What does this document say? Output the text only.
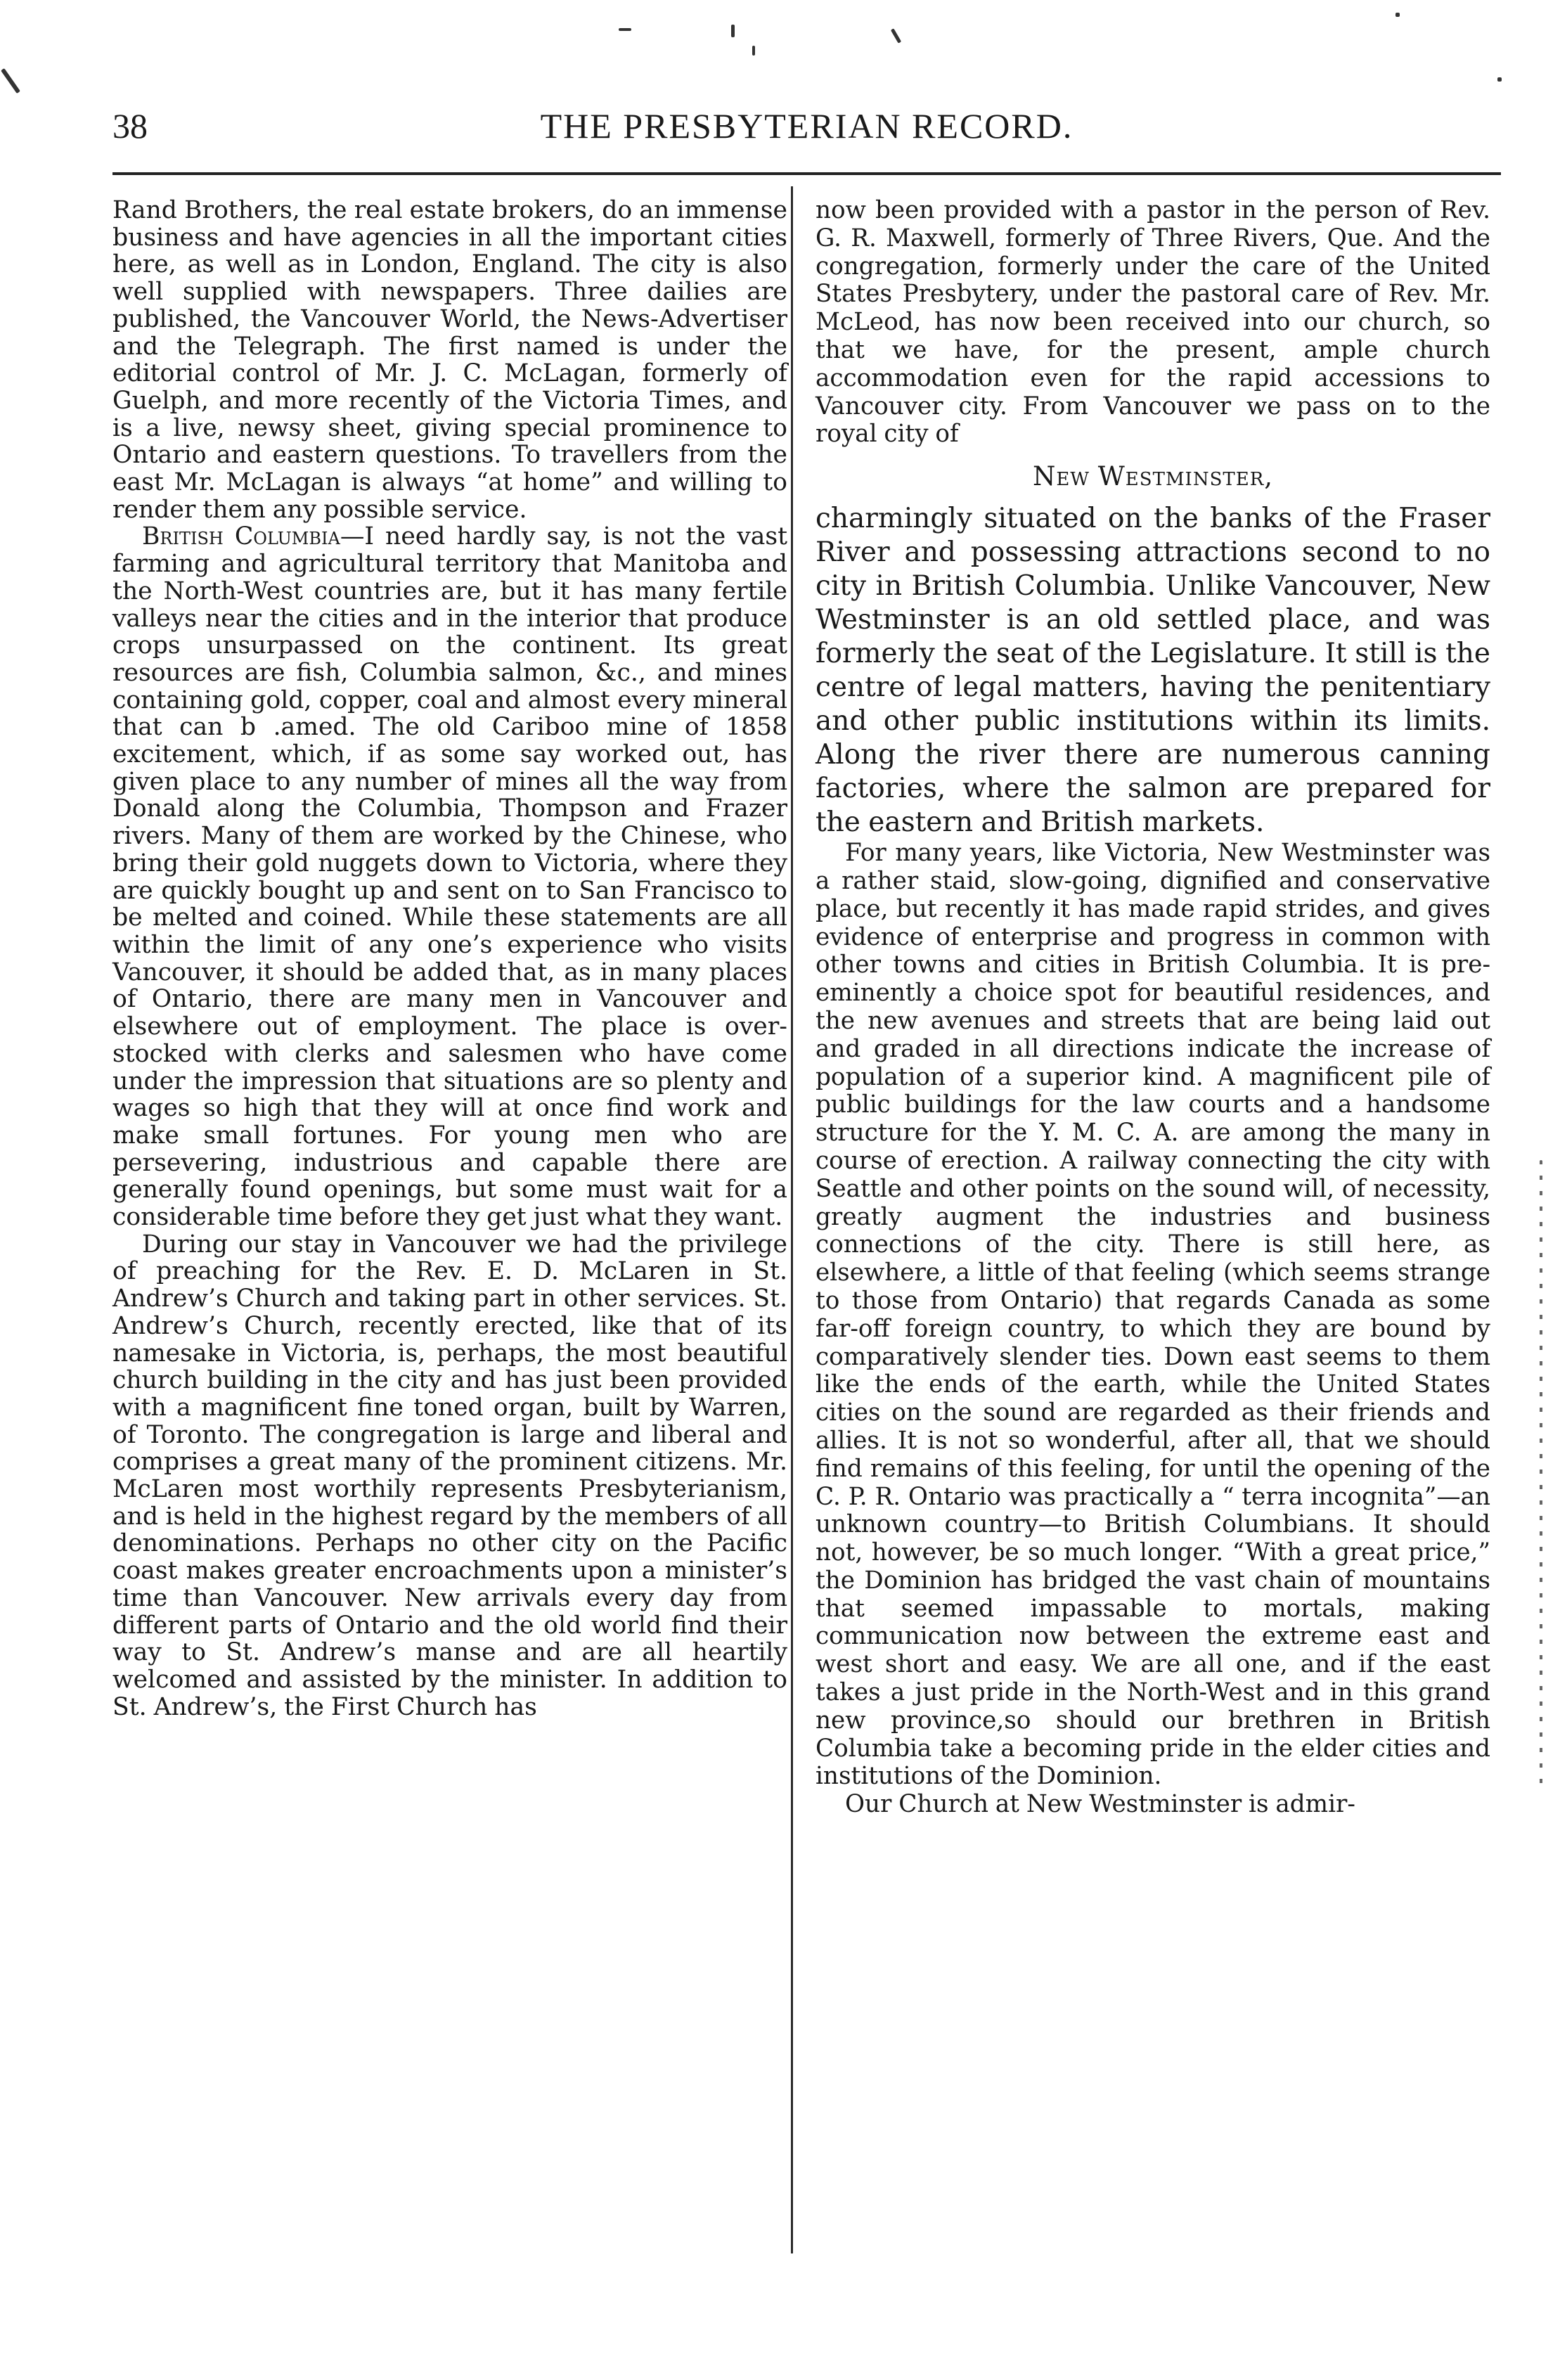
38	THE PRESBYTERIAN RECORD.

Rand Brothers, the real estate brokers, do an immense business and have agencies in all the important cities here, as well as in London, England. The city is also well supplied with newspapers. Three dailies are published, the Vancouver World, the News-Advertiser and the Telegraph. The first named is under the editorial control of Mr. J. C. McLagan, formerly of Guelph, and more recently of the Victoria Times, and is a live, newsy sheet, giving special prominence to Ontario and eastern questions. To travellers from the east Mr. McLagan is always “at home” and willing to render them any possible service.

British Columbia—I need hardly say, is not the vast farming and agricultural territory that Manitoba and the North-West countries are, but it has many fertile valleys near the cities and in the interior that produce crops unsurpassed on the continent. Its great resources are fish, Columbia salmon, &c., and mines containing gold, copper, coal and almost every mineral that can b .amed. The old Cariboo mine of 1858 excitement, which, if as some say worked out, has given place to any number of mines all the way from Donald along the Columbia, Thompson and Frazer rivers. Many of them are worked by the Chinese, who bring their gold nuggets down to Victoria, where they are quickly bought up and sent on to San Francisco to be melted and coined. While these statements are all within the limit of any one’s experience who visits Vancouver, it should be added that, as in many places of Ontario, there are many men in Vancouver and elsewhere out of employment. The place is over-stocked with clerks and salesmen who have come under the impression that situations are so plenty and wages so high that they will at once find work and make small fortunes. For young men who are persevering, industrious and capable there are generally found openings, but some must wait for a considerable time before they get just what they want.

During our stay in Vancouver we had the privilege of preaching for the Rev. E. D. McLaren in St. Andrew’s Church and taking part in other services. St. Andrew’s Church, recently erected, like that of its namesake in Victoria, is, perhaps, the most beautiful church building in the city and has just been provided with a magnificent fine toned organ, built by Warren, of Toronto. The congregation is large and liberal and comprises a great many of the prominent citizens. Mr. McLaren most worthily represents Presbyterianism, and is held in the highest regard by the members of all denominations. Perhaps no other city on the Pacific coast makes greater encroachments upon a minister’s time than Vancouver. New arrivals every day from different parts of Ontario and the old world find their way to St. Andrew’s manse and are all heartily welcomed and assisted by the minister. In addition to St. Andrew’s, the First Church has

now been provided with a pastor in the person of Rev. G. R. Maxwell, formerly of Three Rivers, Que. And the congregation, formerly under the care of the United States Presbytery, under the pastoral care of Rev. Mr. McLeod, has now been received into our church, so that we have, for the present, ample church accommodation even for the rapid accessions to Vancouver city. From Vancouver we pass on to the royal city of

New Westminster,

charmingly situated on the banks of the Fraser River and possessing attractions second to no city in British Columbia. Unlike Vancouver, New Westminster is an old settled place, and was formerly the seat of the Legislature. It still is the centre of legal matters, having the penitentiary and other public institutions within its limits. Along the river there are numerous canning factories, where the salmon are prepared for the eastern and British markets.

For many years, like Victoria, New Westminster was a rather staid, slow-going, dignified and conservative place, but recently it has made rapid strides, and gives evidence of enterprise and progress in common with other towns and cities in British Columbia. It is pre-eminently a choice spot for beautiful residences, and the new avenues and streets that are being laid out and graded in all directions indicate the increase of population of a superior kind. A magnificent pile of public buildings for the law courts and a handsome structure for the Y. M. C. A. are among the many in course of erection. A railway connecting the city with Seattle and other points on the sound will, of necessity, greatly augment the industries and business connections of the city. There is still here, as elsewhere, a little of that feeling (which seems strange to those from Ontario) that regards Canada as some far-off foreign country, to which they are bound by comparatively slender ties. Down east seems to them like the ends of the earth, while the United States cities on the sound are regarded as their friends and allies. It is not so wonderful, after all, that we should find remains of this feeling, for until the opening of the C. P. R. Ontario was practically a “ terra incognita”—an unknown country—to British Columbians. It should not, however, be so much longer. “With a great price,” the Dominion has bridged the vast chain of mountains that seemed impassable to mortals, making communication now between the extreme east and west short and easy. We are all one, and if the east takes a just pride in the North-West and in this grand new province,so should our brethren in British Columbia take a becoming pride in the elder cities and institutions of the Dominion.

Our Church at New Westminster is admir-
